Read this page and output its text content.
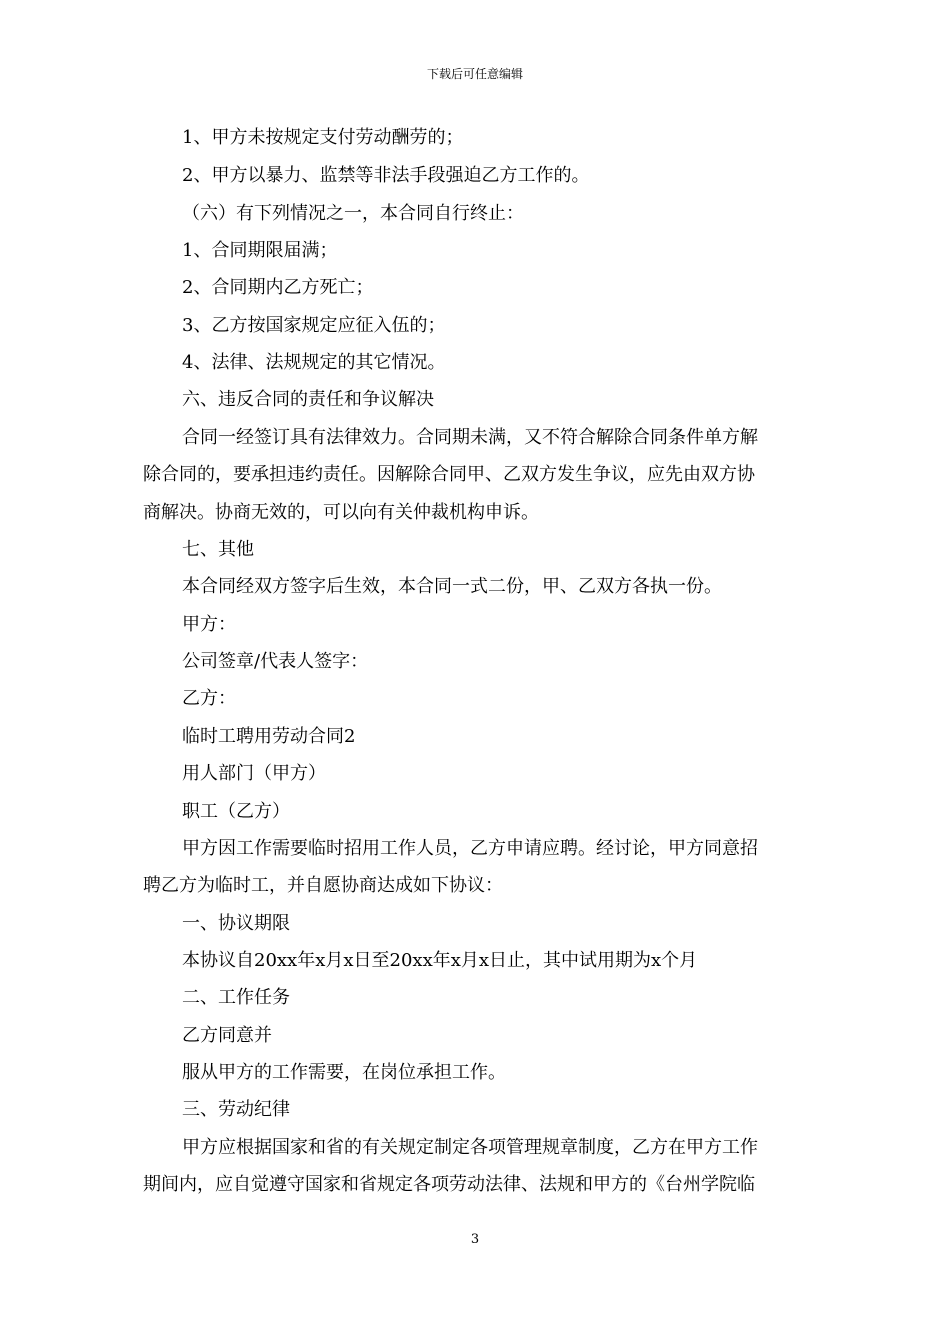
下载后可任意编辑
1、甲方未按规定支付劳动酬劳的；
2、甲方以暴力、监禁等非法手段强迫乙方工作的。
（六）有下列情况之一，本合同自行终止：
1、合同期限届满；
2、合同期内乙方死亡；
3、乙方按国家规定应征入伍的；
4、法律、法规规定的其它情况。
六、违反合同的责任和争议解决
合同一经签订具有法律效力。合同期未满，又不符合解除合同条件单方解
除合同的，要承担违约责任。因解除合同甲、乙双方发生争议，应先由双方协
商解决。协商无效的，可以向有关仲裁机构申诉。
七、其他
本合同经双方签字后生效，本合同一式二份，甲、乙双方各执一份。
甲方：
公司签章/代表人签字：
乙方：
临时工聘用劳动合同2
用人部门（甲方）
职工（乙方）
甲方因工作需要临时招用工作人员，乙方申请应聘。经讨论，甲方同意招
聘乙方为临时工，并自愿协商达成如下协议：
一、协议期限
本协议自20xx年x月x日至20xx年x月x日止，其中试用期为x个月
二、工作任务
乙方同意并
服从甲方的工作需要，在岗位承担工作。
三、劳动纪律
甲方应根据国家和省的有关规定制定各项管理规章制度，乙方在甲方工作
期间内，应自觉遵守国家和省规定各项劳动法律、法规和甲方的《台州学院临
3
